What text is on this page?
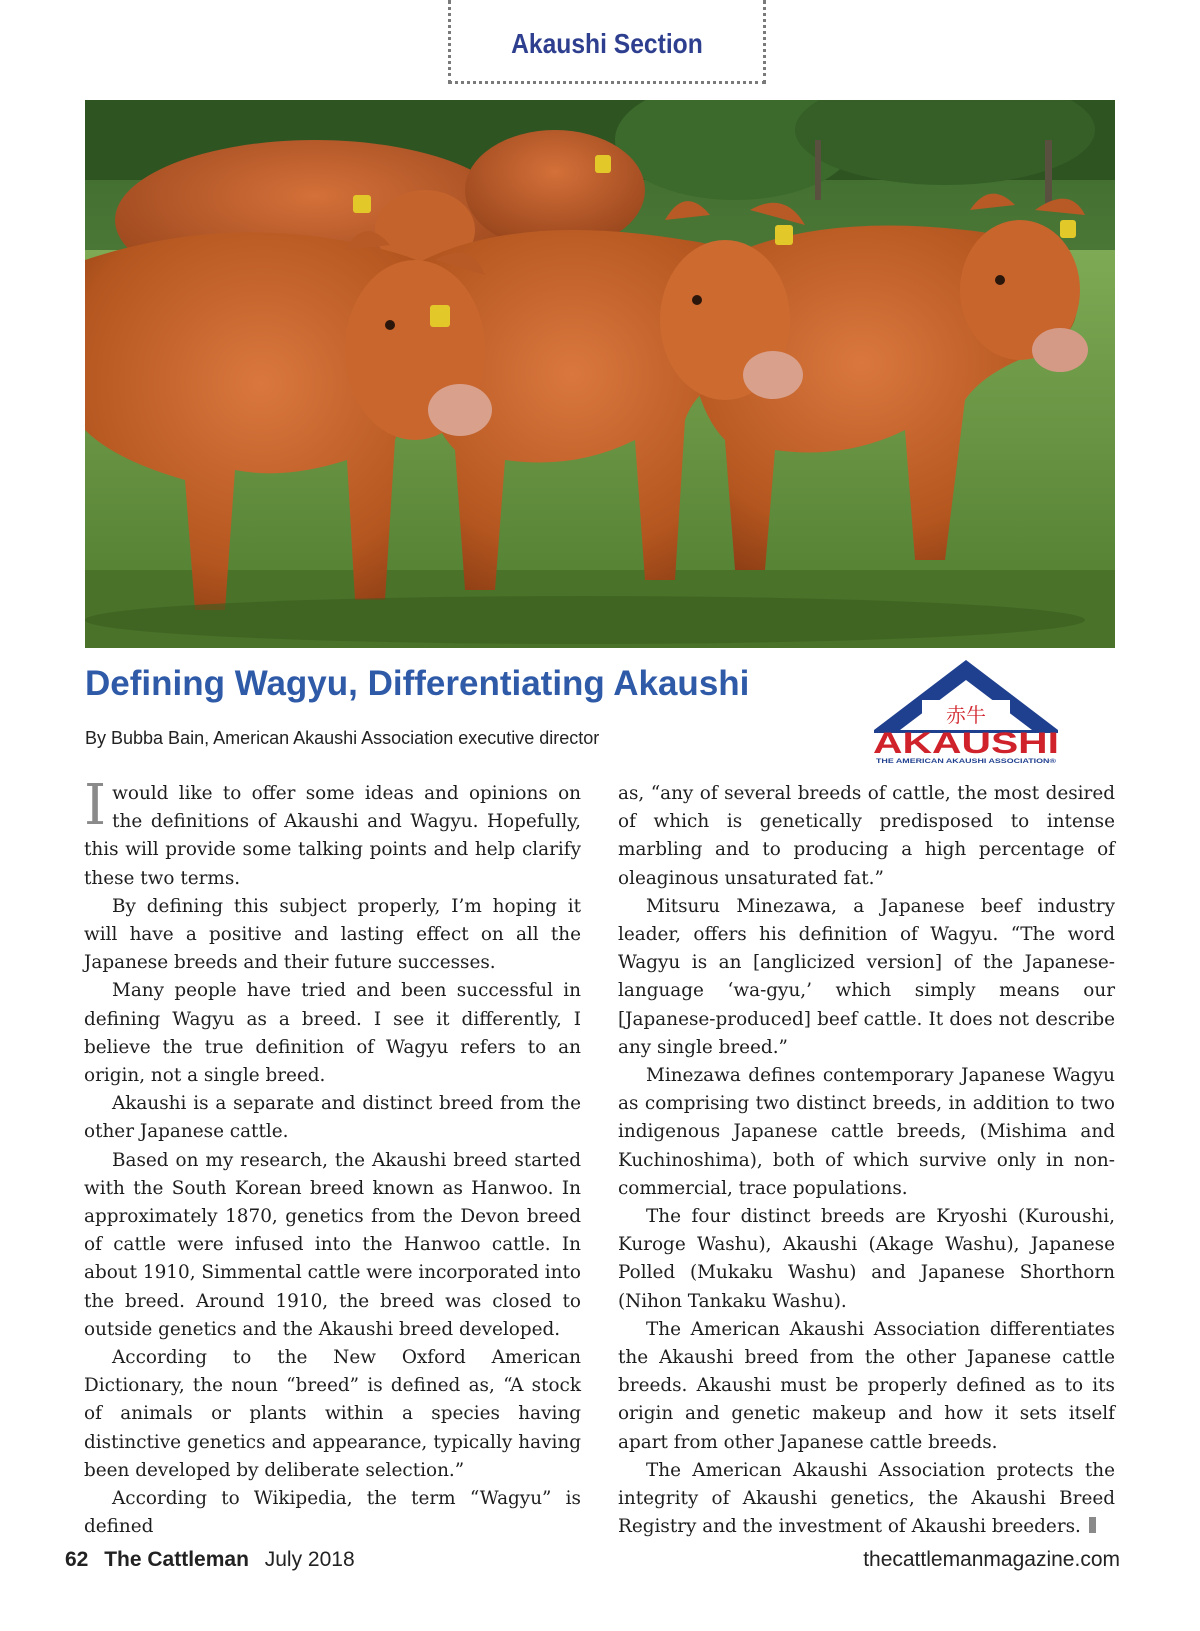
Akaushi Section
Defining Wagyu, Differentiating Akaushi
By Bubba Bain, American Akaushi Association executive director
赤牛
AKAUSHI
THE AMERICAN AKAUSHI ASSOCIATION®

Iwould like to offer some ideas and opinions on the definitions of Akaushi and Wagyu. Hopefully, this will provide some talking points and help clarify these two terms.

By defining this subject properly, I’m hoping it will have a positive and lasting effect on all the Japanese breeds and their future successes.

Many people have tried and been successful in defining Wagyu as a breed. I see it differently, I believe the true definition of Wagyu refers to an origin, not a single breed.

Akaushi is a separate and distinct breed from the other Japanese cattle.

Based on my research, the Akaushi breed started with the South Korean breed known as Hanwoo. In approximately 1870, genetics from the Devon breed of cattle were infused into the Hanwoo cattle. In about 1910, Simmental cattle were incorporated into the breed. Around 1910, the breed was closed to outside genetics and the Akaushi breed developed.

According to the New Oxford American Dictionary, the noun “breed” is defined as, “A stock of animals or plants within a species having distinctive genetics and appearance, typically having been developed by deliberate selection.”

According to Wikipedia, the term “Wagyu” is defined

as, “any of several breeds of cattle, the most desired of which is genetically predisposed to intense marbling and to producing a high percentage of oleaginous unsaturated fat.”

Mitsuru Minezawa, a Japanese beef industry leader, offers his definition of Wagyu. “The word Wagyu is an [anglicized version] of the Japanese-language ‘wa-gyu,’ which simply means our [Japanese-produced] beef cattle. It does not describe any single breed.”

Minezawa defines contemporary Japanese Wagyu as comprising two distinct breeds, in addition to two indigenous Japanese cattle breeds, (Mishima and Kuchinoshima), both of which survive only in non-commercial, trace populations.

The four distinct breeds are Kryoshi (Kuroushi, Kuroge Washu), Akaushi (Akage Washu), Japanese Polled (Mukaku Washu) and Japanese Shorthorn (Nihon Tankaku Washu).

The American Akaushi Association differentiates the Akaushi breed from the other Japanese cattle breeds. Akaushi must be properly defined as to its origin and genetic makeup and how it sets itself apart from other Japanese cattle breeds.

The American Akaushi Association protects the integrity of Akaushi genetics, the Akaushi Breed Registry and the investment of Akaushi breeders.

62 The Cattleman July 2018	thecattlemanmagazine.com
